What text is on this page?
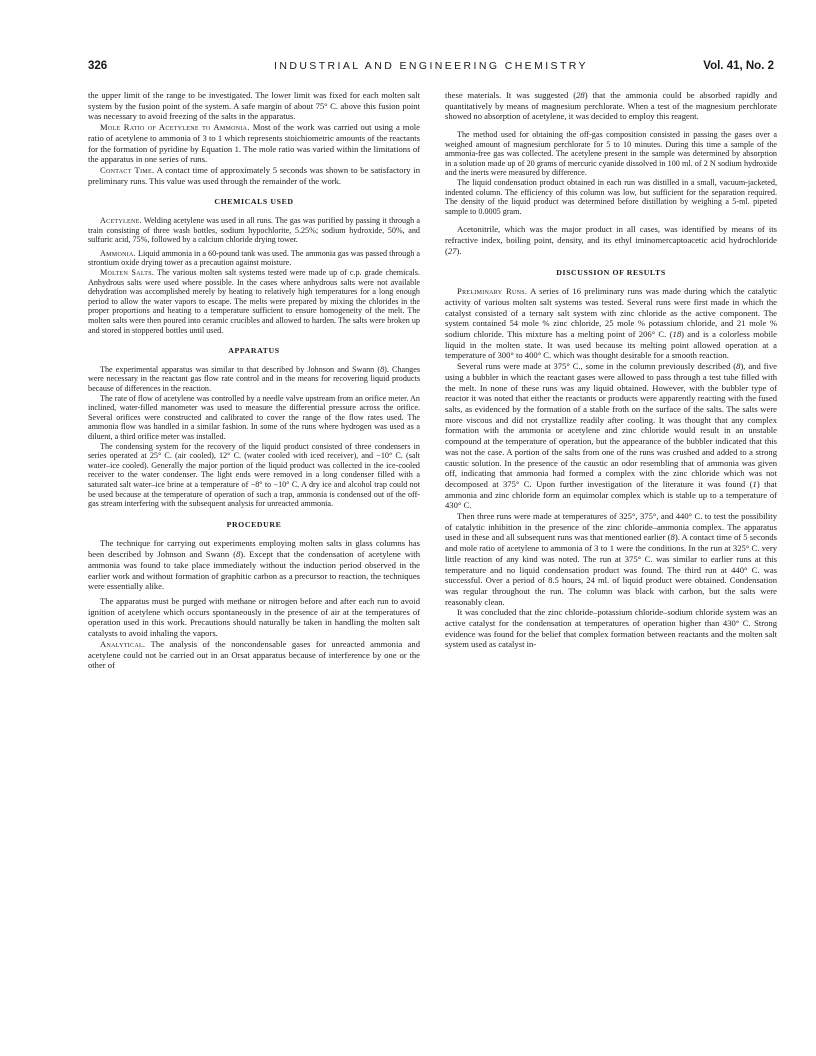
326	INDUSTRIAL AND ENGINEERING CHEMISTRY	Vol. 41, No. 2

the upper limit of the range to be investigated. The lower limit was fixed for each molten salt system by the fusion point of the system. A safe margin of about 75° C. above this fusion point was necessary to avoid freezing of the salts in the apparatus.

Mole Ratio of Acetylene to Ammonia. Most of the work was carried out using a mole ratio of acetylene to ammonia of 3 to 1 which represents stoichiometric amounts of the reactants for the formation of pyridine by Equation 1. The mole ratio was varied within the limitations of the apparatus in one series of runs.

Contact Time. A contact time of approximately 5 seconds was shown to be satisfactory in preliminary runs. This value was used through the remainder of the work.

CHEMICALS USED

Acetylene. Welding acetylene was used in all runs. The gas was purified by passing it through a train consisting of three wash bottles, sodium hypochlorite, 5.25%; sodium hydroxide, 50%, and sulfuric acid, 75%, followed by a calcium chloride drying tower.

Ammonia. Liquid ammonia in a 60-pound tank was used. The ammonia gas was passed through a strontium oxide drying tower as a precaution against moisture.

Molten Salts. The various molten salt systems tested were made up of c.p. grade chemicals. Anhydrous salts were used where possible. In the cases where anhydrous salts were not available dehydration was accomplished merely by heating to relatively high temperatures for a long enough period to allow the water vapors to escape. The melts were prepared by mixing the chlorides in the proper proportions and heating to a temperature sufficient to ensure homogeneity of the melt. The molten salts were then poured into ceramic crucibles and allowed to harden. The salts were broken up and stored in stoppered bottles until used.

APPARATUS

The experimental apparatus was similar to that described by Johnson and Swann (8). Changes were necessary in the reactant gas flow rate control and in the means for recovering liquid products because of differences in the reaction.

The rate of flow of acetylene was controlled by a needle valve upstream from an orifice meter. An inclined, water-filled manometer was used to measure the differential pressure across the orifice. Several orifices were constructed and calibrated to cover the range of the flow rates used. The ammonia flow was handled in a similar fashion. In some of the runs where hydrogen was used as a diluent, a third orifice meter was installed.

The condensing system for the recovery of the liquid product consisted of three condensers in series operated at 25° C. (air cooled), 12° C. (water cooled with iced receiver), and −10° C. (salt water–ice cooled). Generally the major portion of the liquid product was collected in the ice-cooled receiver to the water condenser. The light ends were removed in a long condenser filled with a saturated salt water–ice brine at a temperature of −8° to −10° C. A dry ice and alcohol trap could not be used because at the temperature of operation of such a trap, ammonia is condensed out of the off-gas stream interfering with the subsequent analysis for unreacted ammonia.

PROCEDURE

The technique for carrying out experiments employing molten salts in glass columns has been described by Johnson and Swann (8). Except that the condensation of acetylene with ammonia was found to take place immediately without the induction period observed in the earlier work and without formation of graphitic carbon as a precursor to reaction, the techniques were essentially alike.

The apparatus must be purged with methane or nitrogen before and after each run to avoid ignition of acetylene which occurs spontaneously in the presence of air at the temperatures of operation used in this work. Precautions should naturally be taken in handling the molten salt catalysts to avoid inhaling the vapors.

Analytical. The analysis of the noncondensable gases for unreacted ammonia and acetylene could not be carried out in an Orsat apparatus because of interference by one or the other of

these materials. It was suggested (28) that the ammonia could be absorbed rapidly and quantitatively by means of magnesium perchlorate. When a test of the magnesium perchlorate showed no absorption of acetylene, it was decided to employ this reagent.

The method used for obtaining the off-gas composition consisted in passing the gases over a weighed amount of magnesium perchlorate for 5 to 10 minutes. During this time a sample of the ammonia-free gas was collected. The acetylene present in the sample was determined by absorption in a solution made up of 20 grams of mercuric cyanide dissolved in 100 ml. of 2 N sodium hydroxide and the inerts were measured by difference.

The liquid condensation product obtained in each run was distilled in a small, vacuum-jacketed, indented column. The efficiency of this column was low, but sufficient for the separation required. The density of the liquid product was determined before distillation by weighing a 5-ml. pipeted sample to 0.0005 gram.

Acetonitrile, which was the major product in all cases, was identified by means of its refractive index, boiling point, density, and its ethyl iminomercaptoacetic acid hydrochloride (27).

DISCUSSION OF RESULTS

Preliminary Runs. A series of 16 preliminary runs was made during which the catalytic activity of various molten salt systems was tested. Several runs were first made in which the catalyst consisted of a ternary salt system with zinc chloride as the active component. The system contained 54 mole % zinc chloride, 25 mole % potassium chloride, and 21 mole % sodium chloride. This mixture has a melting point of 206° C. (18) and is a colorless mobile liquid in the molten state. It was used because its melting point allowed operation at a temperature of 300° to 400° C. which was thought desirable for a smooth reaction.

Several runs were made at 375° C., some in the column previously described (8), and five using a bubbler in which the reactant gases were allowed to pass through a test tube filled with the melt. In none of these runs was any liquid obtained. However, with the bubbler type of reactor it was noted that either the reactants or products were apparently reacting with the fused salts, as evidenced by the formation of a stable froth on the surface of the salts. The salts were more viscous and did not crystallize readily after cooling. It was thought that any complex formation with the ammonia or acetylene and zinc chloride would result in an unstable compound at the temperature of operation, but the appearance of the bubbler indicated that this was not the case. A portion of the salts from one of the runs was crushed and added to a strong caustic solution. In the presence of the caustic an odor resembling that of ammonia was given off, indicating that ammonia had formed a complex with the zinc chloride which was not decomposed at 375° C. Upon further investigation of the literature it was found (1) that ammonia and zinc chloride form an equimolar complex which is stable up to a temperature of 430° C.

Then three runs were made at temperatures of 325°, 375°, and 440° C. to test the possibility of catalytic inhibition in the presence of the zinc chloride–ammonia complex. The apparatus used in these and all subsequent runs was that mentioned earlier (8). A contact time of 5 seconds and mole ratio of acetylene to ammonia of 3 to 1 were the conditions. In the run at 325° C. very little reaction of any kind was noted. The run at 375° C. was similar to earlier runs at this temperature and no liquid condensation product was found. The third run at 440° C. was successful. Over a period of 8.5 hours, 24 ml. of liquid product were obtained. Condensation was regular throughout the run. The column was black with carbon, but the salts were reasonably clean.

It was concluded that the zinc chloride–potassium chloride–sodium chloride system was an active catalyst for the condensation at temperatures of operation higher than 430° C. Strong evidence was found for the belief that complex formation between reactants and the molten salt system used as catalyst in-
